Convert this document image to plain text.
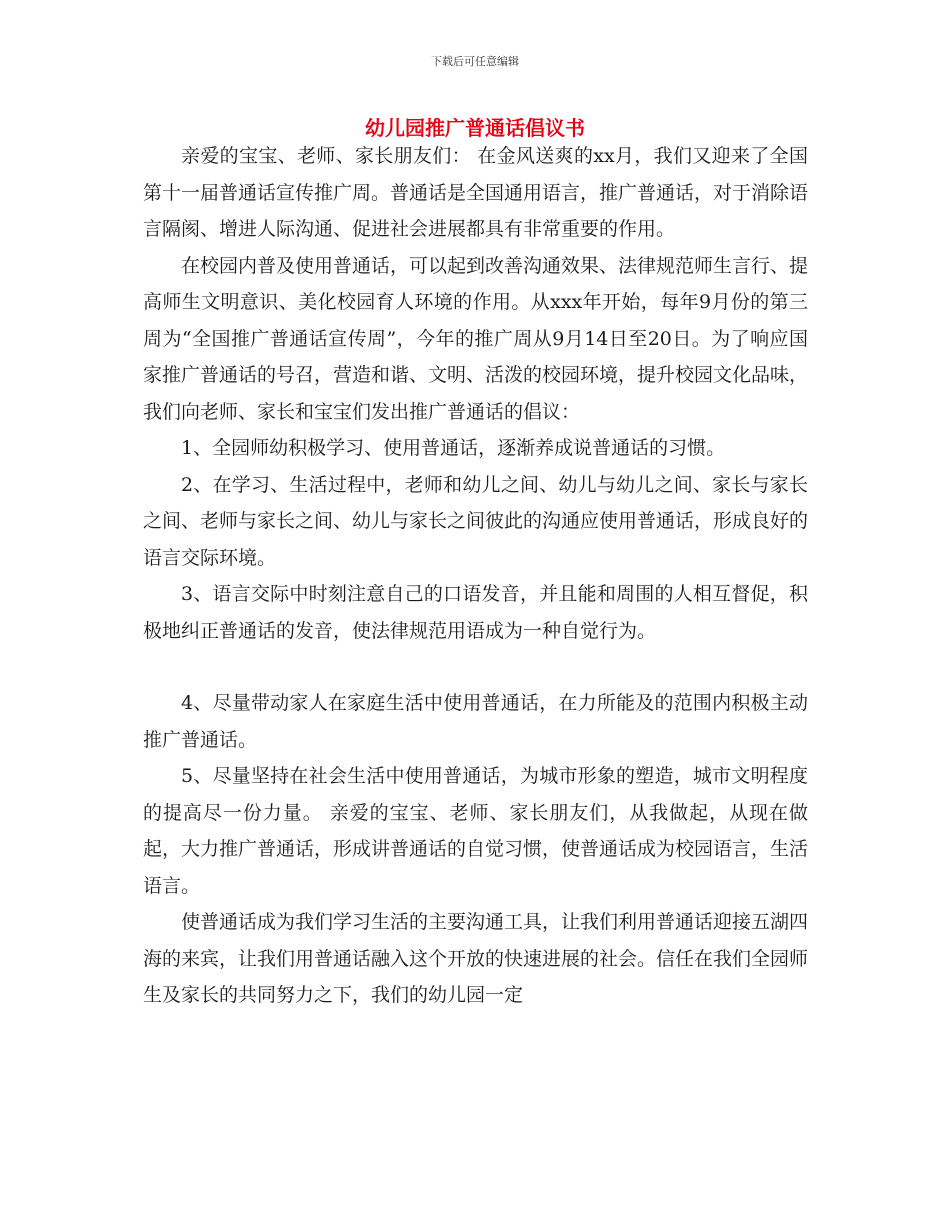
下载后可任意编辑
幼儿园推广普通话倡议书

亲爱的宝宝、老师、家长朋友们： 在金风送爽的xx月，我们又迎来了全国第十一届普通话宣传推广周。普通话是全国通用语言，推广普通话，对于消除语言隔阂、增进人际沟通、促进社会进展都具有非常重要的作用。

在校园内普及使用普通话，可以起到改善沟通效果、法律规范师生言行、提高师生文明意识、美化校园育人环境的作用。从xxx年开始，每年9月份的第三周为“全国推广普通话宣传周”，今年的推广周从9月14日至20日。为了响应国家推广普通话的号召，营造和谐、文明、活泼的校园环境，提升校园文化品味，我们向老师、家长和宝宝们发出推广普通话的倡议：

1、全园师幼积极学习、使用普通话，逐渐养成说普通话的习惯。

2、在学习、生活过程中，老师和幼儿之间、幼儿与幼儿之间、家长与家长之间、老师与家长之间、幼儿与家长之间彼此的沟通应使用普通话，形成良好的语言交际环境。

3、语言交际中时刻注意自己的口语发音，并且能和周围的人相互督促，积极地纠正普通话的发音，使法律规范用语成为一种自觉行为。

4、尽量带动家人在家庭生活中使用普通话，在力所能及的范围内积极主动推广普通话。

5、尽量坚持在社会生活中使用普通话，为城市形象的塑造，城市文明程度的提高尽一份力量。 亲爱的宝宝、老师、家长朋友们，从我做起，从现在做起，大力推广普通话，形成讲普通话的自觉习惯，使普通话成为校园语言，生活语言。

使普通话成为我们学习生活的主要沟通工具，让我们利用普通话迎接五湖四海的来宾，让我们用普通话融入这个开放的快速进展的社会。信任在我们全园师生及家长的共同努力之下，我们的幼儿园一定
